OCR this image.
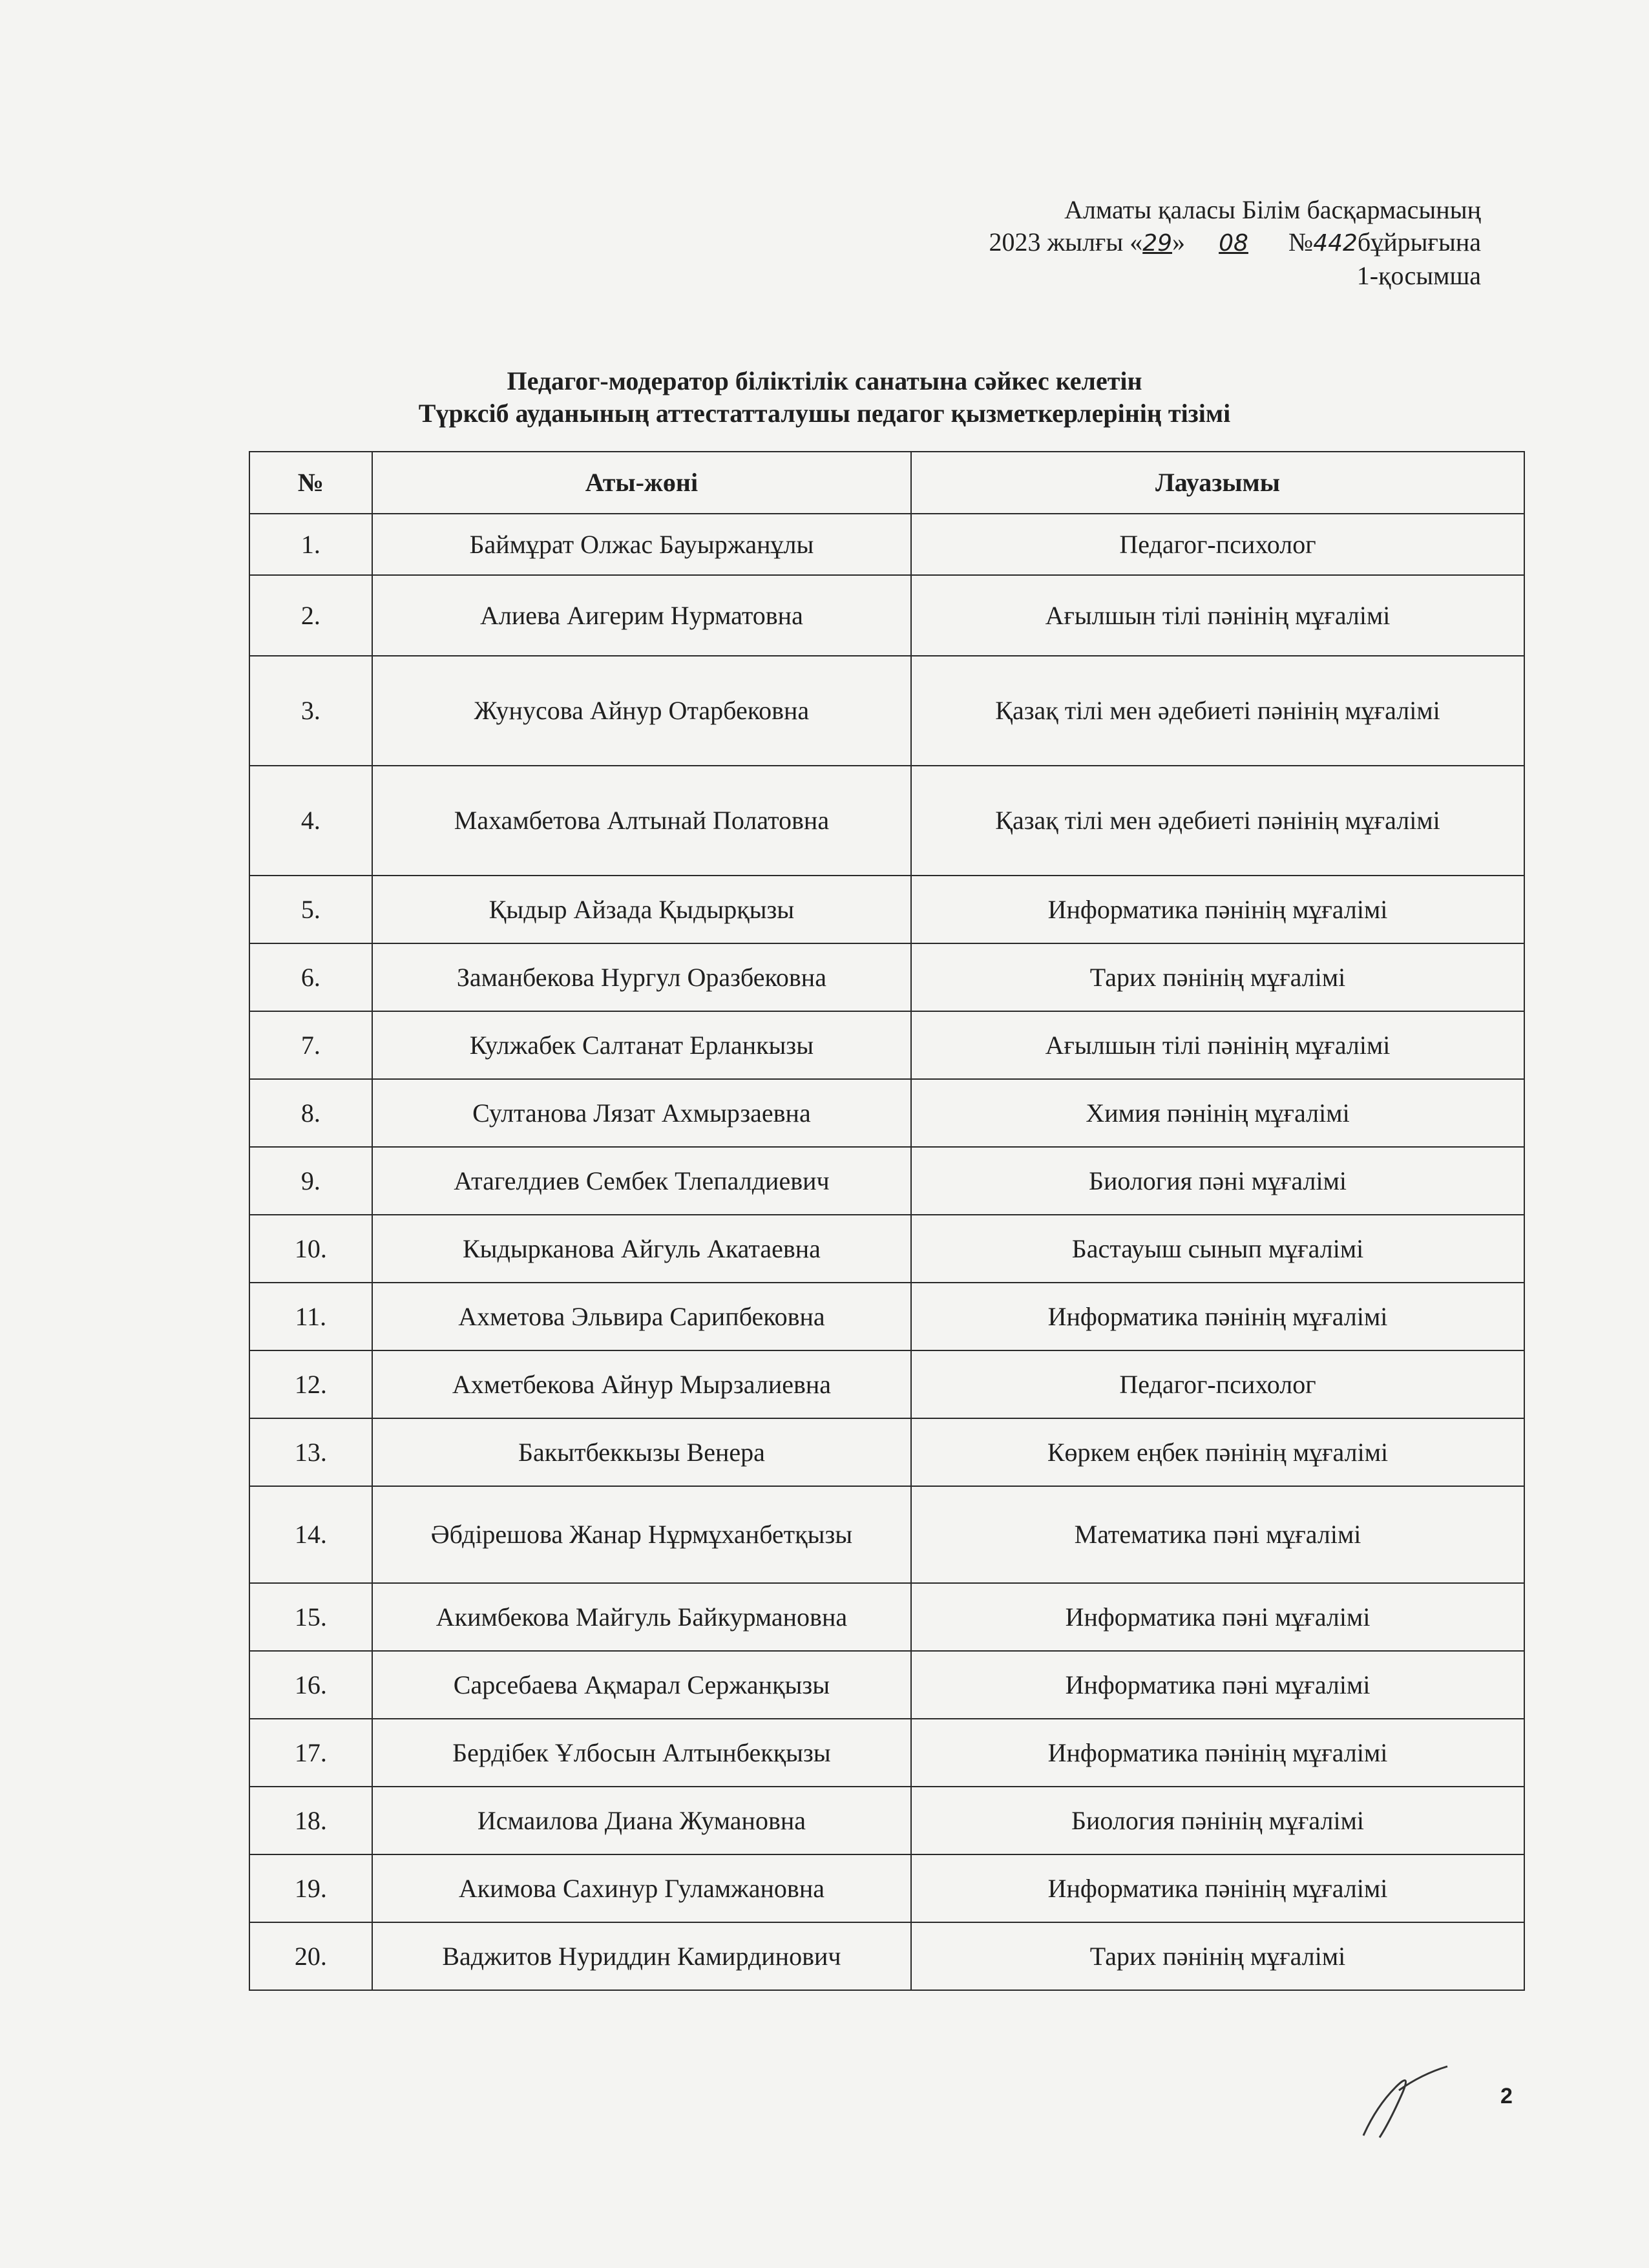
Алматы қаласы Білім басқармасының
2023 жылғы «29» 08 №442бұйрығына
1-қосымша
Педагог-модератор біліктілік санатына сәйкес келетін
Түрксіб ауданының аттестатталушы педагог қызметкерлерінің тізімі
№	Аты-жөні	Лауазымы
1.	Баймұрат Олжас Бауыржанұлы	Педагог-психолог
2.	Алиева Аигерим Нурматовна	Ағылшын тілі пәнінің мұғалімі
3.	Жунусова Айнур Отарбековна	Қазақ тілі мен әдебиеті пәнінің мұғалімі
4.	Махамбетова Алтынай Полатовна	Қазақ тілі мен әдебиеті пәнінің мұғалімі
5.	Қыдыр Айзада Қыдырқызы	Информатика пәнінің мұғалімі
6.	Заманбекова Нургул Оразбековна	Тарих пәнінің мұғалімі
7.	Кулжабек Салтанат Ерланкызы	Ағылшын тілі пәнінің мұғалімі
8.	Султанова Лязат Ахмырзаевна	Химия пәнінің мұғалімі
9.	Атагелдиев Сембек Тлепалдиевич	Биология пәні мұғалімі
10.	Кыдырканова Айгуль Акатаевна	Бастауыш сынып мұғалімі
11.	Ахметова Эльвира Сарипбековна	Информатика пәнінің мұғалімі
12.	Ахметбекова Айнур Мырзалиевна	Педагог-психолог
13.	Бакытбеккызы Венера	Көркем еңбек пәнінің мұғалімі
14.	Әбдірешова Жанар Нұрмұханбетқызы	Математика пәні мұғалімі
15.	Акимбекова Майгуль Байкурмановна	Информатика пәні мұғалімі
16.	Сарсебаева Ақмарал Сержанқызы	Информатика пәні мұғалімі
17.	Бердібек Ұлбосын Алтынбекқызы	Информатика пәнінің мұғалімі
18.	Исмаилова Диана Жумановна	Биология пәнінің мұғалімі
19.	Акимова Сахинур Гуламжановна	Информатика пәнінің мұғалімі
20.	Ваджитов Нуриддин Камирдинович	Тарих пәнінің мұғалімі
2
